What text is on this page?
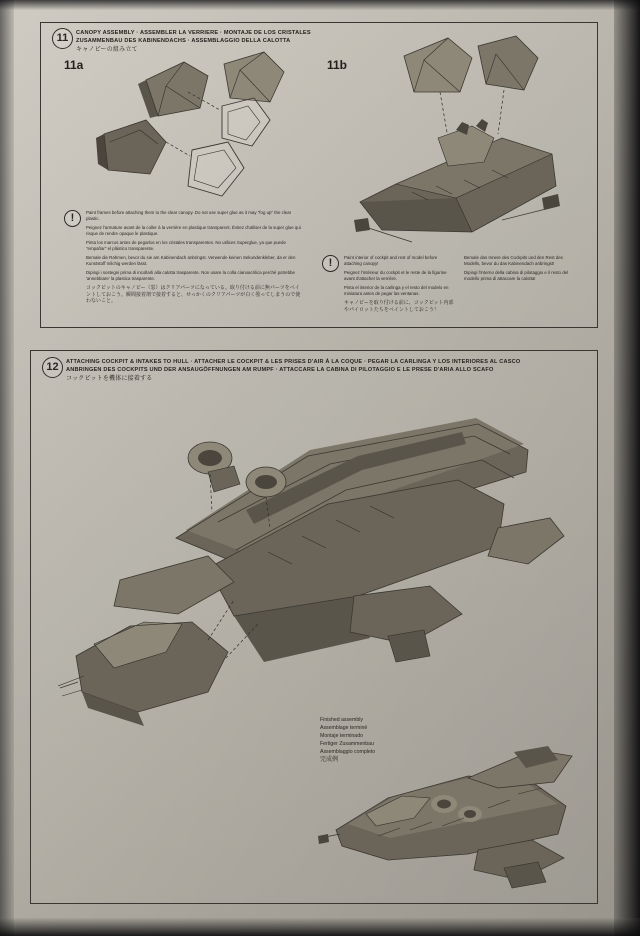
11	CANOPY ASSEMBLY · ASSEMBLER LA VERRIERE · MONTAJE DE LOS CRISTALES
ZUSAMMENBAU DES KABINENDACHS · ASSEMBLAGGIO DELLA CALOTTA
キャノピーの組み立て
11a	11b
!	Paint frames before attaching them to the clear canopy. Do not use super glue as it may "fog up" the clear plastic.

Peignez l'armature avant de la coller à la verrière en plastique transparent. Évitez d'utiliser de la super glue qui risque de rendre opaque le plastique.

Pinta los marcos antes de pegarlos en los cristales transparentes. No utilices Superglue, ya que puede "empañar" el plástico transparente.

Bemale die Rahmen, bevor du sie am Kabinendach anbringst. Verwende keinen Sekundenkleber, da er den Kunststoff milchig werden lässt.

Dipingi i sostegni prima di incollarli alla calotta trasparente. Non usare la colla cianoacrilica perché potrebbe 'annebbiare' la plastica trasparente.

コックピットのキャノピー（窓）はクリアパーツになっている。取り付ける前に無パーツをペイントしておこう。瞬間接着剤で接着すると、せっかくのクリアパーツが白く曇ってしまうので使わないこと。

!	Paint interior of cockpit and rest of model before attaching canopy!

Peignez l'intérieur du cockpit et le reste de la figurine avant d'attacher la verrière.

Pinta el interior de la carlinga y el resto del modelo en miniatura antes de pegar las ventanas.

キャノピーを取り付ける前に、コックピット内部やパイロットたちをペイントしておこう！

Bemale das Innere des Cockpits und den Rest des Modells, bevor du das Kabinendach anbringst!

Dipingi l'interno della cabina di pilotaggio e il resto del modello prima di attaccare la calotta!

12	ATTACHING COCKPIT & INTAKES TO HULL · ATTACHER LE COCKPIT & LES PRISES D'AIR À LA COQUE · PEGAR LA CARLINGA Y LOS INTERIORES AL CASCO
ANBRINGEN DES COCKPITS UND DER ANSAUGÖFFNUNGEN AM RUMPF · ATTACCARE LA CABINA DI PILOTAGGIO E LE PRESE D'ARIA ALLO SCAFO
コックピットを機体に接着する

Finished assembly

Assemblage terminé

Montaje terminado

Fertiger Zusammenbau

Assemblaggio completo

完成例
